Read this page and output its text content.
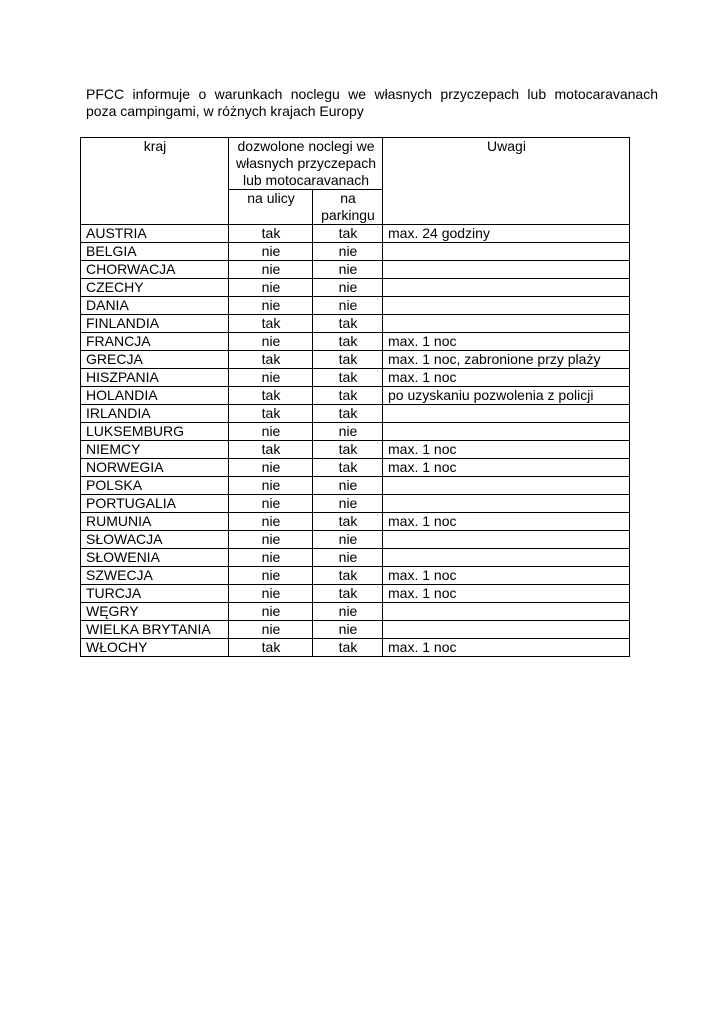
PFCC informuje o warunkach noclegu we własnych przyczepach lub motocaravanach
poza campingami, w różnych krajach Europy
kraj	dozwolone noclegi we własnych przyczepach lub motocaravanach		Uwagi
	na ulicy	na parkingu	
AUSTRIA	tak	tak	max. 24 godziny
BELGIA	nie	nie	
CHORWACJA	nie	nie	
CZECHY	nie	nie	
DANIA	nie	nie	
FINLANDIA	tak	tak	
FRANCJA	nie	tak	max. 1 noc
GRECJA	tak	tak	max. 1 noc, zabronione przy plaży
HISZPANIA	nie	tak	max. 1 noc
HOLANDIA	tak	tak	po uzyskaniu pozwolenia z policji
IRLANDIA	tak	tak	
LUKSEMBURG	nie	nie	
NIEMCY	tak	tak	max. 1 noc
NORWEGIA	nie	tak	max. 1 noc
POLSKA	nie	nie	
PORTUGALIA	nie	nie	
RUMUNIA	nie	tak	max. 1 noc
SŁOWACJA	nie	nie	
SŁOWENIA	nie	nie	
SZWECJA	nie	tak	max. 1 noc
TURCJA	nie	tak	max. 1 noc
WĘGRY	nie	nie	
WIELKA BRYTANIA	nie	nie	
WŁOCHY	tak	tak	max. 1 noc
